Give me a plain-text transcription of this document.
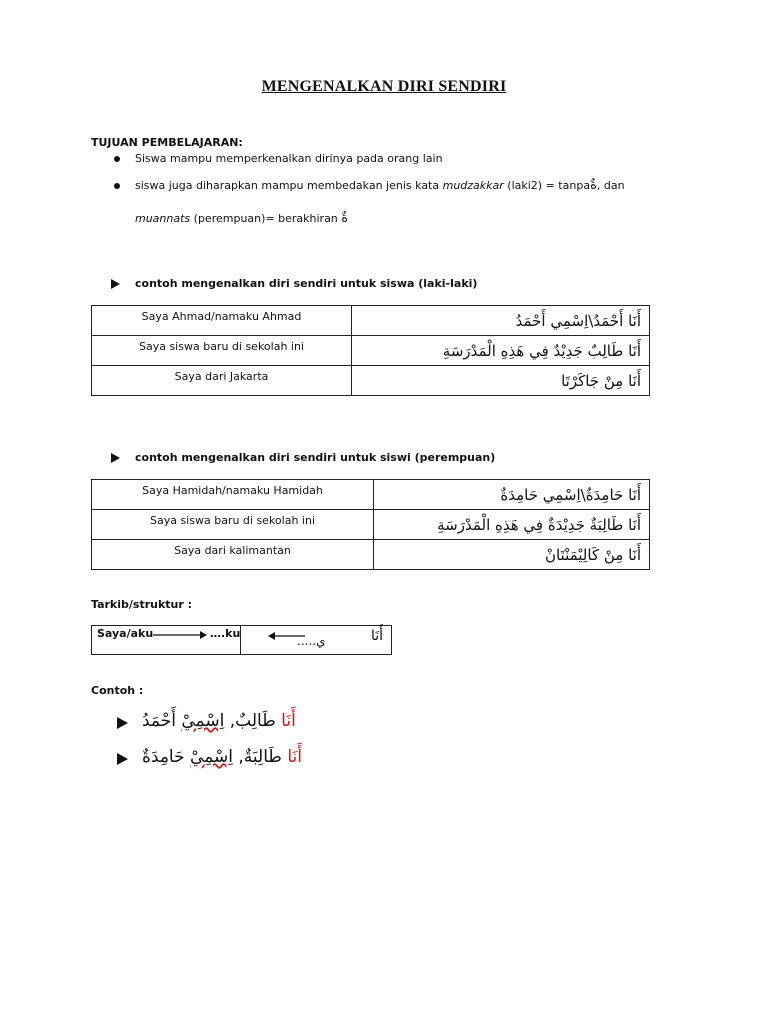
MENGENALKAN DIRI SENDIRI
TUJUAN PEMBELAJARAN:
Siswa mampu memperkenalkan dirinya pada orang lain
siswa juga diharapkan mampu membedakan jenis kata mudzakkar (laki2) = tanpaةٌ, dan
muannats (perempuan)= berakhiran ةٌ
contoh mengenalkan diri sendiri untuk siswa (laki-laki)
Saya Ahmad/namaku Ahmad	أَنَا أَحْمَدُ\اِسْمِي أَحْمَدُ

Saya siswa baru di sekolah ini	أَنَا طَالِبٌ جَدِيْدٌ فِي هَذِهِ الْمَدْرَسَةِ

Saya dari Jakarta	أَنَا مِنْ جَاكَرْتَا
contoh mengenalkan diri sendiri untuk siswi (perempuan)
Saya Hamidah/namaku Hamidah	أَنَا حَامِدَةٌ\اِسْمِي حَامِدَةٌ

Saya siswa baru di sekolah ini	أَنَا طَالِبَةٌ جَدِيْدَةٌ فِي هَذِهِ الْمَدْرَسَةِ

Saya dari kalimantan	أَنَا مِنْ كَالِيْمَنْتَانْ
Tarkib/struktur :
Saya/aku	….ku

ي.....	أَنَا
Contoh :
أَنَا طَالِبٌ, اِسْمِيْ أَحْمَدُ
أَنَا طَالِبَةٌ, اِسْمِيْ حَامِدَةٌ
